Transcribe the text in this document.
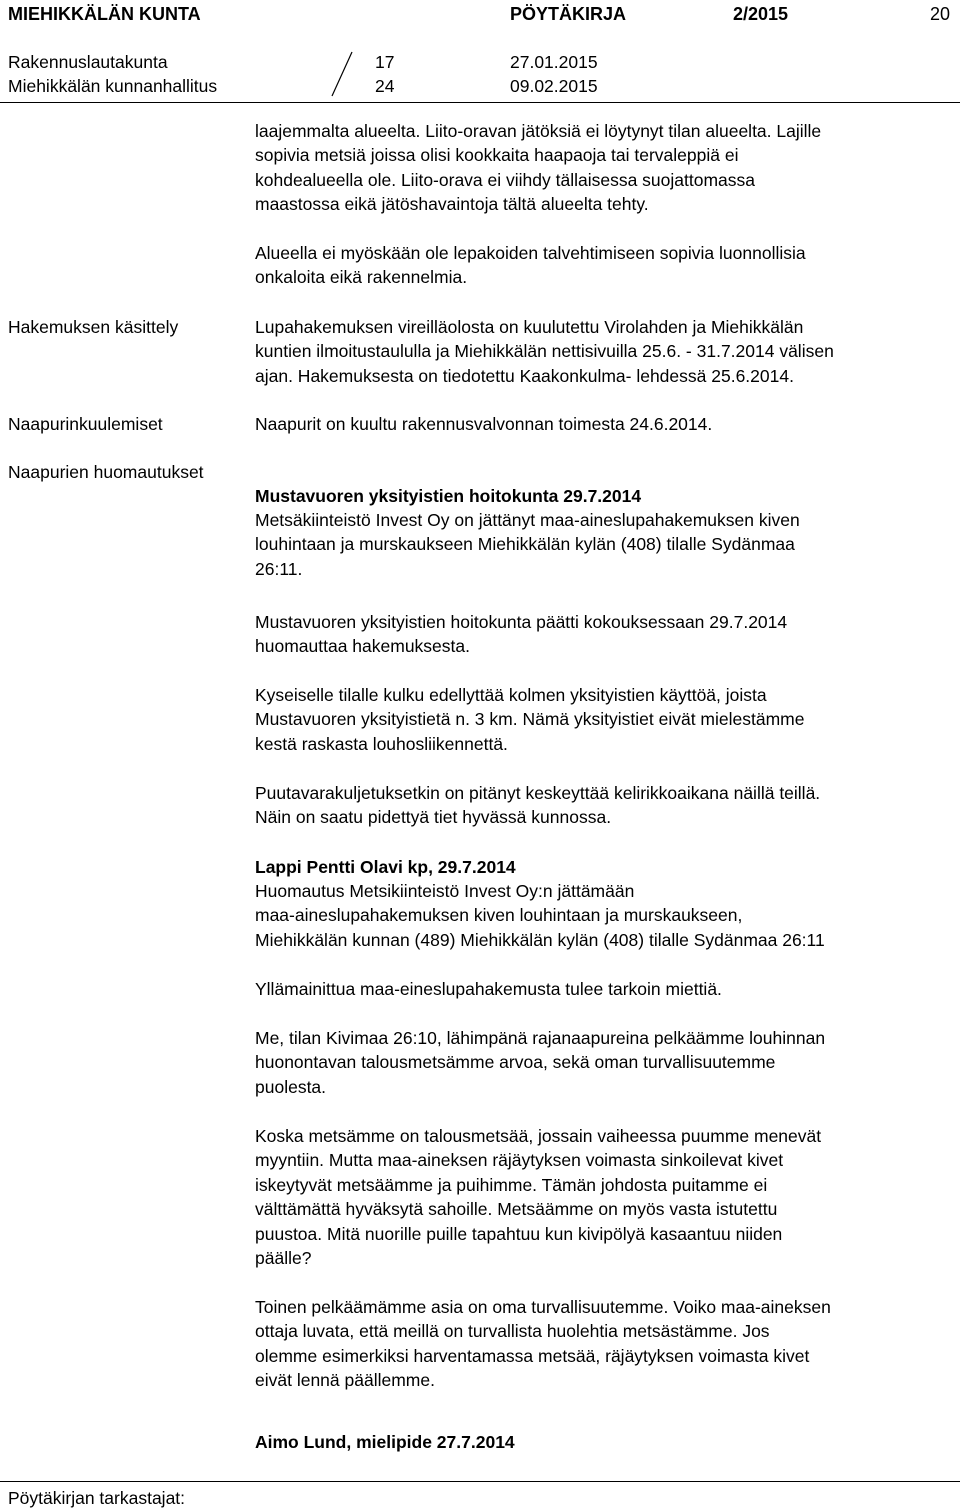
MIEHIKKÄLÄN KUNTA	PÖYTÄKIRJA	2/2015	20
Rakennuslautakunta	17	27.01.2015
Miehikkälän kunnanhallitus	24	09.02.2015
laajemmalta alueelta. Liito-oravan jätöksiä ei löytynyt tilan alueelta. Lajille
sopivia metsiä joissa olisi kookkaita haapaoja tai tervaleppiä ei
kohdealueella ole. Liito-orava ei viihdy tällaisessa suojattomassa
maastossa eikä jätöshavaintoja tältä alueelta tehty.
Alueella ei myöskään ole lepakoiden talvehtimiseen sopivia luonnollisia
onkaloita eikä rakennelmia.
Hakemuksen käsittely	Lupahakemuksen vireilläolosta on kuulutettu Virolahden ja Miehikkälän
kuntien ilmoitustaululla ja Miehikkälän nettisivuilla 25.6. - 31.7.2014 välisen
ajan. Hakemuksesta on tiedotettu Kaakonkulma- lehdessä 25.6.2014.
Naapurinkuulemiset	Naapurit on kuultu rakennusvalvonnan toimesta 24.6.2014.
Naapurien huomautukset
Mustavuoren yksityistien hoitokunta 29.7.2014
Metsäkiinteistö Invest Oy on jättänyt maa-aineslupahakemuksen kiven
louhintaan ja murskaukseen Miehikkälän kylän (408) tilalle Sydänmaa
26:11.
Mustavuoren yksityistien hoitokunta päätti kokouksessaan 29.7.2014
huomauttaa hakemuksesta.
Kyseiselle tilalle kulku edellyttää kolmen yksityistien käyttöä, joista
Mustavuoren yksityistietä n. 3 km. Nämä yksityistiet eivät mielestämme
kestä raskasta louhosliikennettä.
Puutavarakuljetuksetkin on pitänyt keskeyttää kelirikkoaikana näillä teillä.
Näin on saatu pidettyä tiet hyvässä kunnossa.
Lappi Pentti Olavi kp, 29.7.2014
Huomautus Metsikiinteistö Invest Oy:n jättämään
maa-aineslupahakemuksen kiven louhintaan ja murskaukseen,
Miehikkälän kunnan (489) Miehikkälän kylän (408) tilalle Sydänmaa 26:11
Yllämainittua maa-eineslupahakemusta tulee tarkoin miettiä.
Me, tilan Kivimaa 26:10, lähimpänä rajanaapureina pelkäämme louhinnan
huonontavan talousmetsämme arvoa, sekä oman turvallisuutemme
puolesta.
Koska metsämme on talousmetsää, jossain vaiheessa puumme menevät
myyntiin. Mutta maa-aineksen räjäytyksen voimasta sinkoilevat kivet
iskeytyvät metsäämme ja puihimme. Tämän johdosta puitamme ei
välttämättä hyväksytä sahoille. Metsäämme on myös vasta istutettu
puustoa. Mitä nuorille puille tapahtuu kun kivipölyä kasaantuu niiden
päälle?
Toinen pelkäämämme asia on oma turvallisuutemme. Voiko maa-aineksen
ottaja luvata, että meillä on turvallista huolehtia metsästämme. Jos
olemme esimerkiksi harventamassa metsää, räjäytyksen voimasta kivet
eivät lennä päällemme.
Aimo Lund, mielipide 27.7.2014
Pöytäkirjan tarkastajat:
